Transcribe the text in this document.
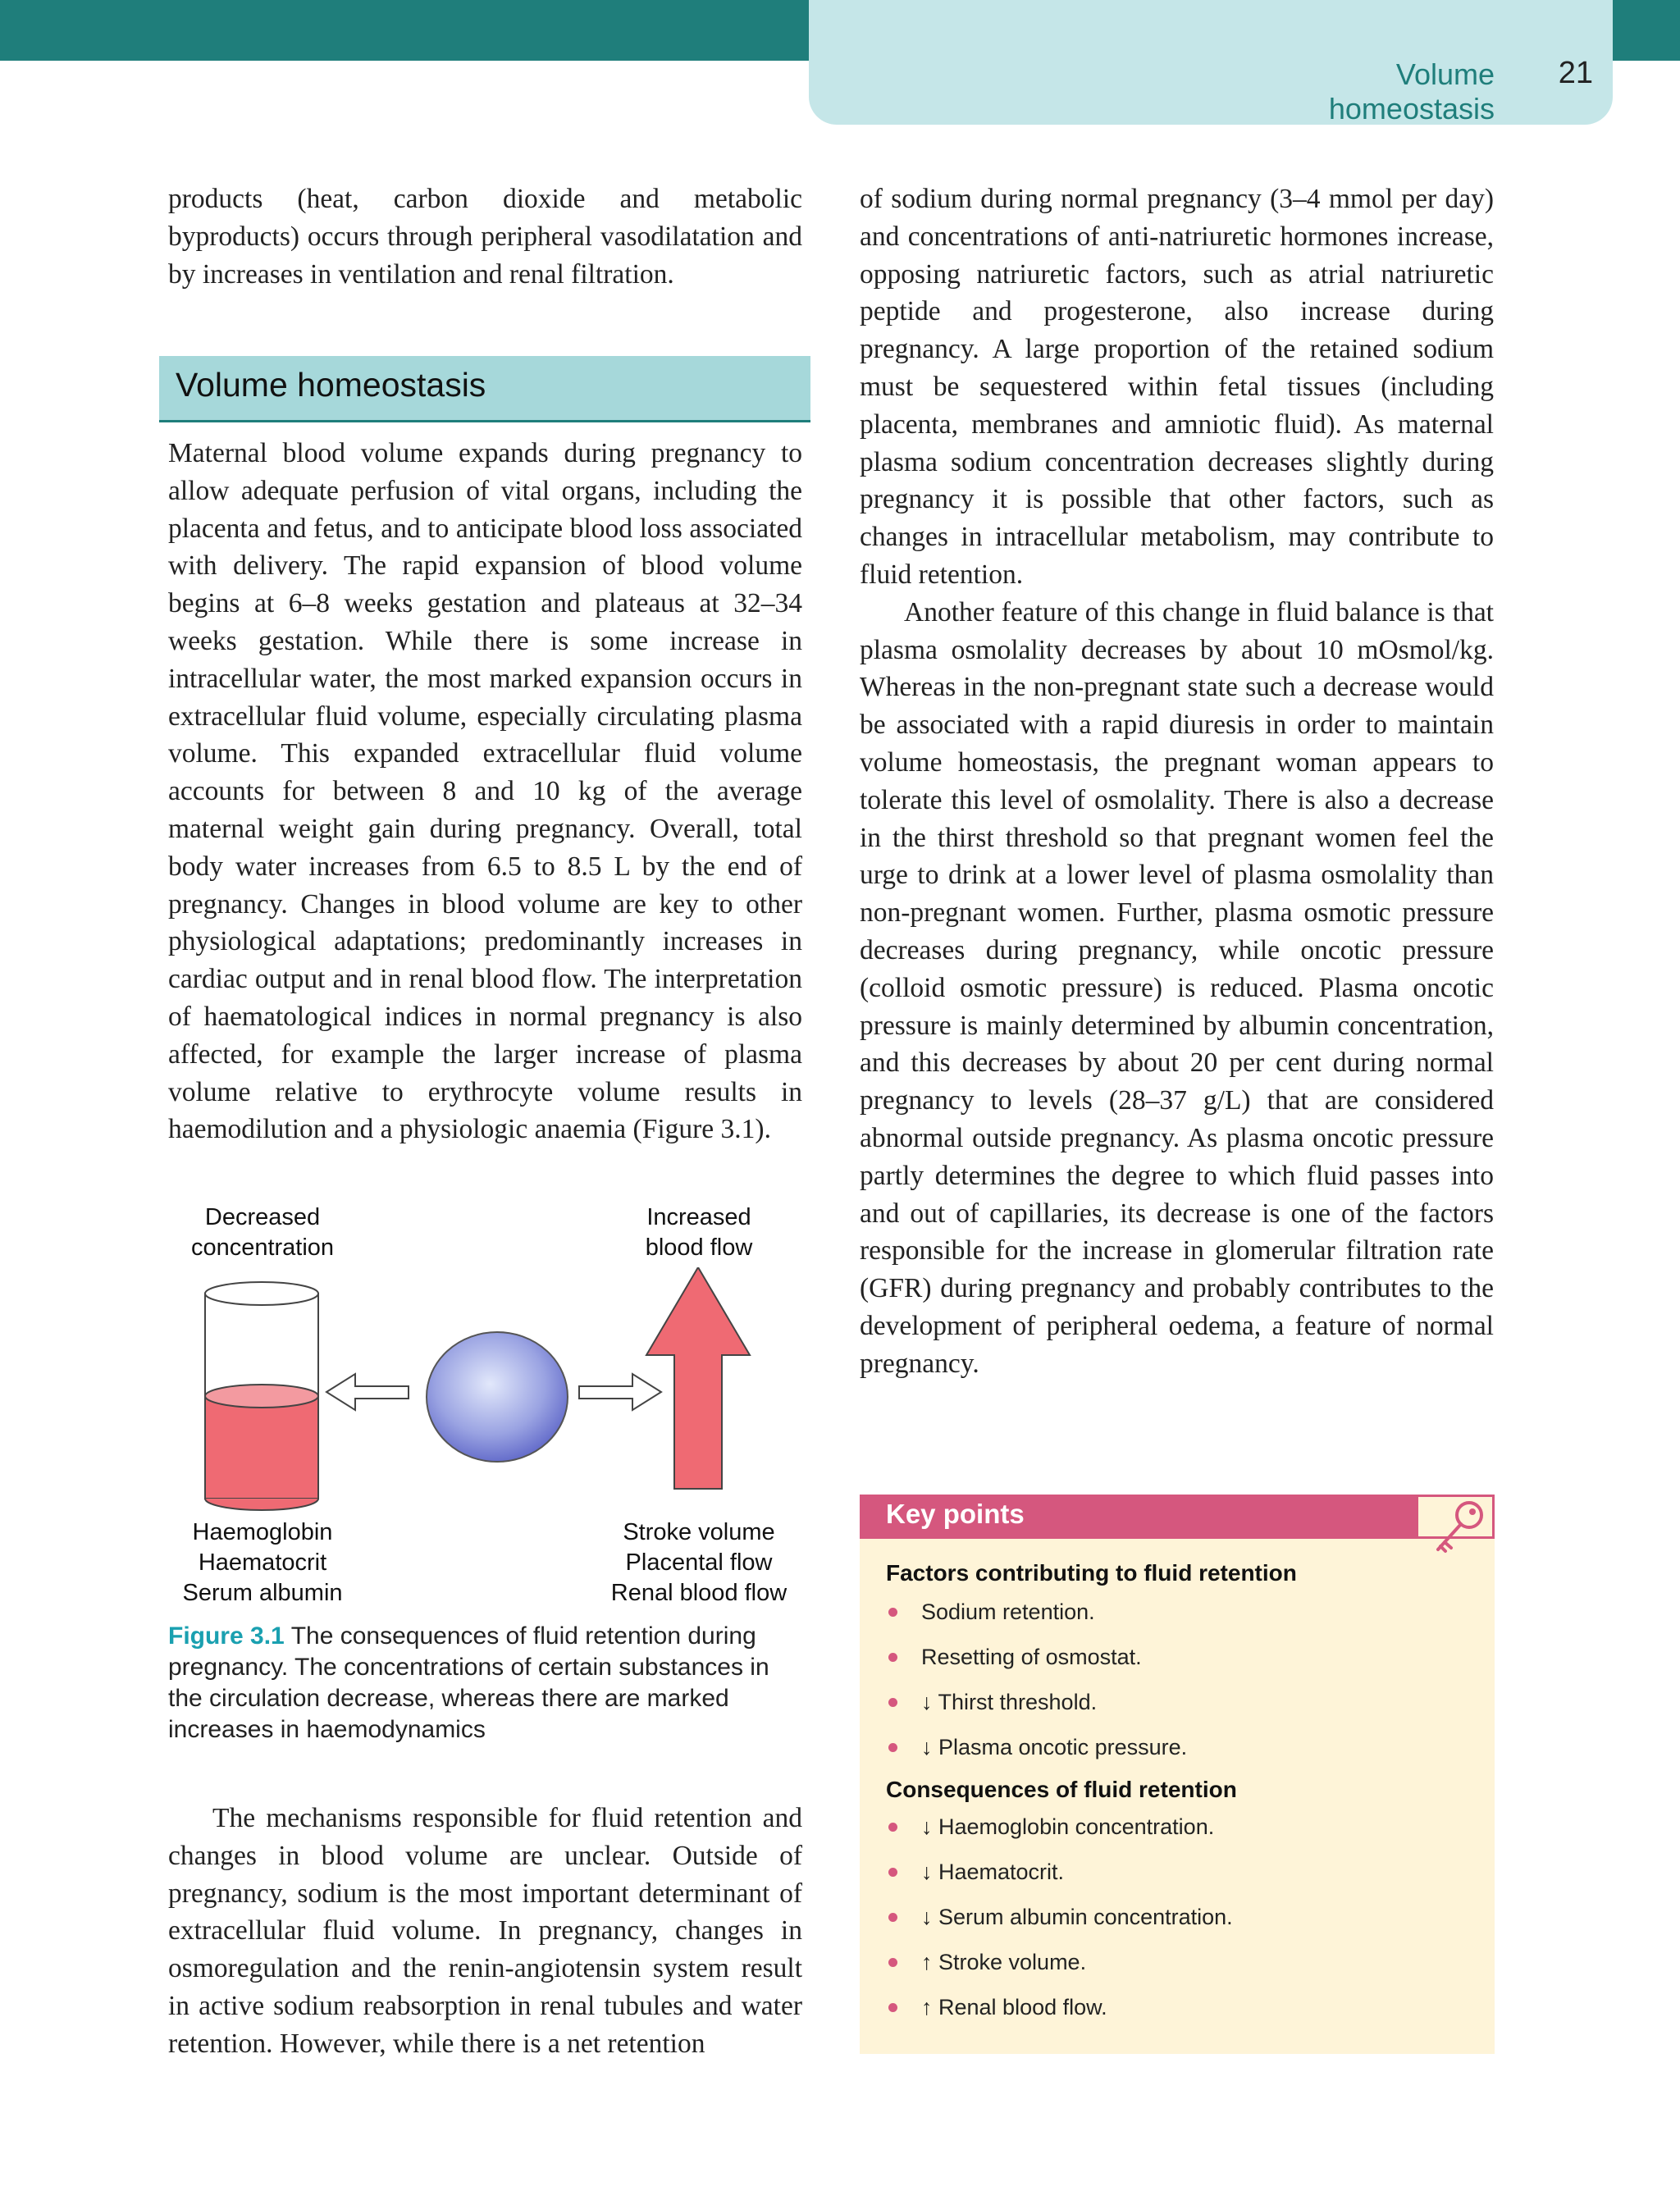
Volume homeostasis
21

products (heat, carbon dioxide and metabolic byproducts) occurs through peripheral vasodilatation and by increases in ventilation and renal filtration.

Volume homeostasis

Maternal blood volume expands during pregnancy to allow adequate perfusion of vital organs, including the placenta and fetus, and to anticipate blood loss associated with delivery. The rapid expansion of blood volume begins at 6–8 weeks gestation and plateaus at 32–34 weeks gestation. While there is some increase in intracellular water, the most marked expansion occurs in extracellular fluid volume, especially circulating plasma volume. This expanded extracellular fluid volume accounts for between 8 and 10 kg of the average maternal weight gain during pregnancy. Overall, total body water increases from 6.5 to 8.5 L by the end of pregnancy. Changes in blood volume are key to other physiological adaptations; predominantly increases in cardiac output and in renal blood flow. The interpretation of haematological indices in normal pregnancy is also affected, for example the larger increase of plasma volume relative to erythrocyte volume results in haemodilution and a physiologic anaemia (Figure 3.1).

Decreased
concentration
Increased
blood flow
Haemoglobin
Haematocrit
Serum albumin
Stroke volume
Placental flow
Renal blood flow
Figure 3.1 The consequences of fluid retention during pregnancy. The concentrations of certain substances in the circulation decrease, whereas there are marked increases in haemodynamics

The mechanisms responsible for fluid retention and changes in blood volume are unclear. Outside of pregnancy, sodium is the most important determinant of extracellular fluid volume. In pregnancy, changes in osmoregulation and the renin-angiotensin system result in active sodium reabsorption in renal tubules and water retention. However, while there is a net retention

of sodium during normal pregnancy (3–4 mmol per day) and concentrations of anti-natriuretic hormones increase, opposing natriuretic factors, such as atrial natriuretic peptide and progesterone, also increase during pregnancy. A large proportion of the retained sodium must be sequestered within fetal tissues (including placenta, membranes and amniotic fluid). As maternal plasma sodium concentration decreases slightly during pregnancy it is possible that other factors, such as changes in intracellular metabolism, may contribute to fluid retention.

Another feature of this change in fluid balance is that plasma osmolality decreases by about 10 mOsmol/kg. Whereas in the non-pregnant state such a decrease would be associated with a rapid diuresis in order to maintain volume homeostasis, the pregnant woman appears to tolerate this level of osmolality. There is also a decrease in the thirst threshold so that pregnant women feel the urge to drink at a lower level of plasma osmolality than non-pregnant women. Further, plasma osmotic pressure decreases during pregnancy, while oncotic pressure (colloid osmotic pressure) is reduced. Plasma oncotic pressure is mainly determined by albumin concentration, and this decreases by about 20 per cent during normal pregnancy to levels (28–37 g/L) that are considered abnormal outside pregnancy. As plasma oncotic pressure partly determines the degree to which fluid passes into and out of capillaries, its decrease is one of the factors responsible for the increase in glomerular filtration rate (GFR) during pregnancy and probably contributes to the development of peripheral oedema, a feature of normal pregnancy.

Key points
Factors contributing to fluid retention
Sodium retention.
Resetting of osmostat.
↓ Thirst threshold.
↓ Plasma oncotic pressure.
Consequences of fluid retention
↓ Haemoglobin concentration.
↓ Haematocrit.
↓ Serum albumin concentration.
↑ Stroke volume.
↑ Renal blood flow.
